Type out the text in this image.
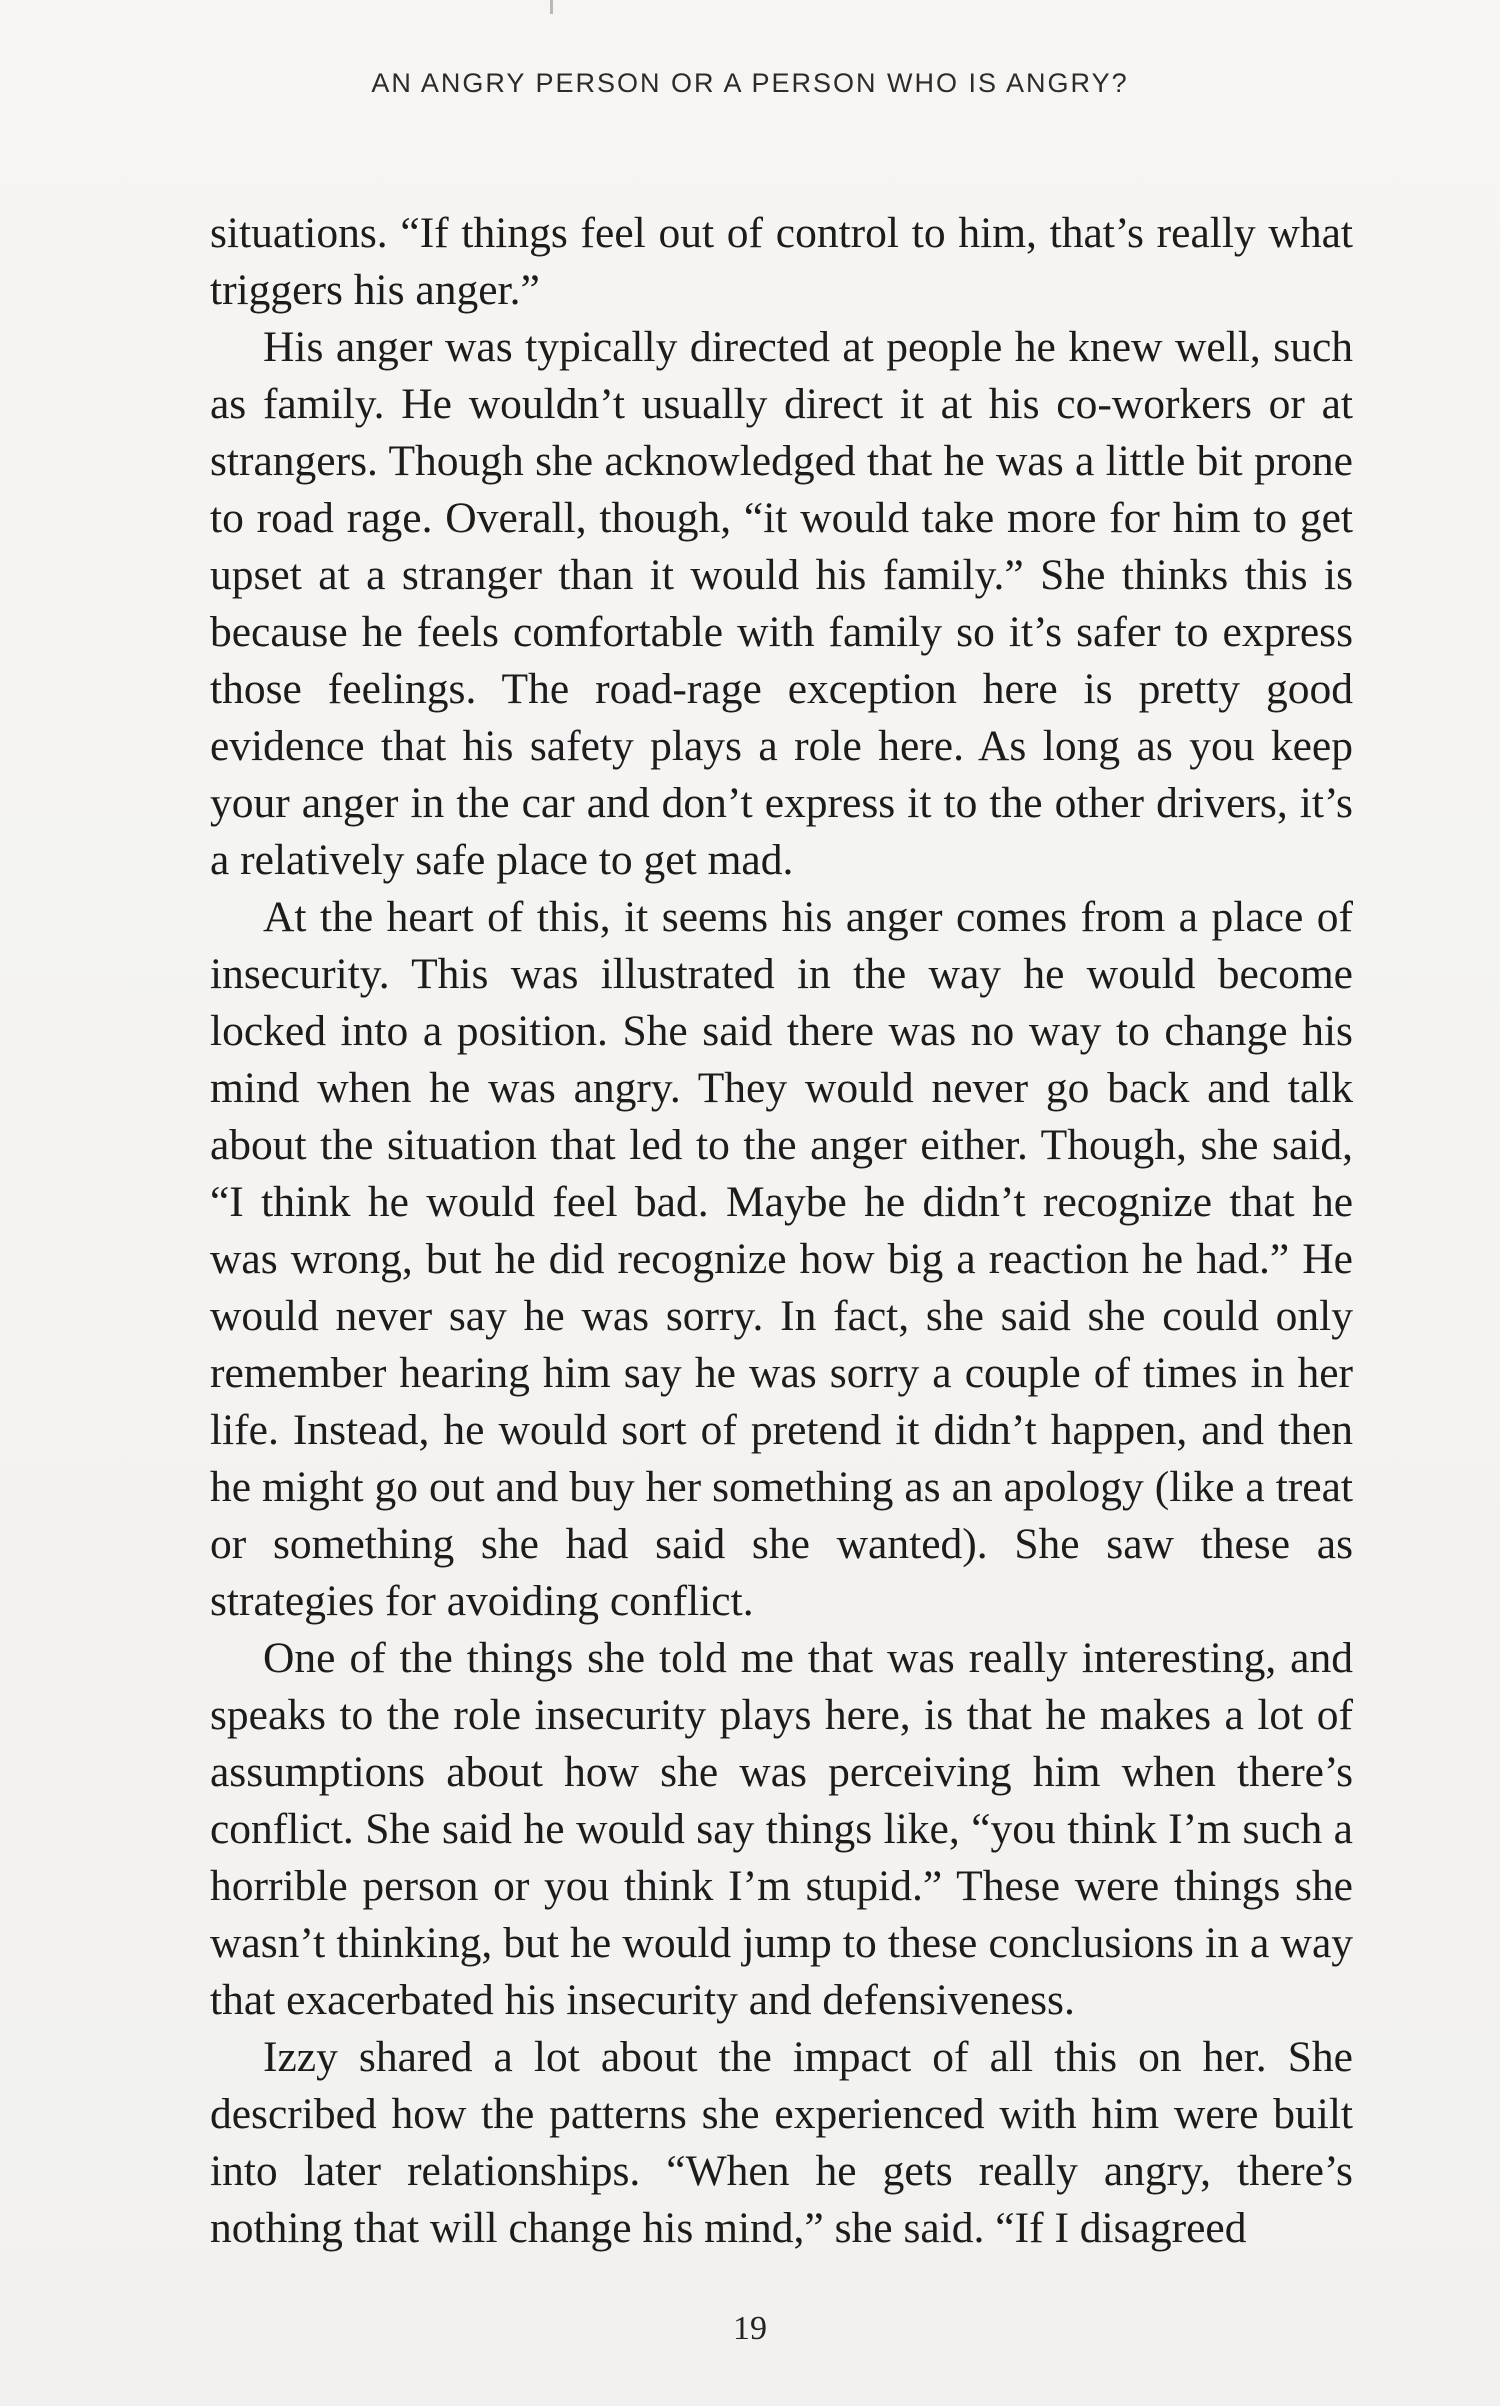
AN ANGRY PERSON OR A PERSON WHO IS ANGRY?

situations. “If things feel out of control to him, that’s really what triggers his anger.”

His anger was typically directed at people he knew well, such as family. He wouldn’t usually direct it at his co-workers or at strangers. Though she acknowledged that he was a little bit prone to road rage. Overall, though, “it would take more for him to get upset at a stranger than it would his family.” She thinks this is because he feels comfortable with family so it’s safer to express those feelings. The road-rage exception here is pretty good evidence that his safety plays a role here. As long as you keep your anger in the car and don’t express it to the other drivers, it’s a relatively safe place to get mad.

At the heart of this, it seems his anger comes from a place of insecurity. This was illustrated in the way he would become locked into a position. She said there was no way to change his mind when he was angry. They would never go back and talk about the situation that led to the anger either. Though, she said, “I think he would feel bad. Maybe he didn’t recognize that he was wrong, but he did recognize how big a reaction he had.” He would never say he was sorry. In fact, she said she could only remember hearing him say he was sorry a couple of times in her life. Instead, he would sort of pretend it didn’t happen, and then he might go out and buy her something as an apology (like a treat or something she had said she wanted). She saw these as strategies for avoiding conflict.

One of the things she told me that was really interesting, and speaks to the role insecurity plays here, is that he makes a lot of assumptions about how she was perceiving him when there’s conflict. She said he would say things like, “you think I’m such a horrible person or you think I’m stupid.” These were things she wasn’t thinking, but he would jump to these conclusions in a way that exacerbated his insecurity and defensiveness.

Izzy shared a lot about the impact of all this on her. She described how the patterns she experienced with him were built into later relationships. “When he gets really angry, there’s nothing that will change his mind,” she said. “If I disagreed

19
